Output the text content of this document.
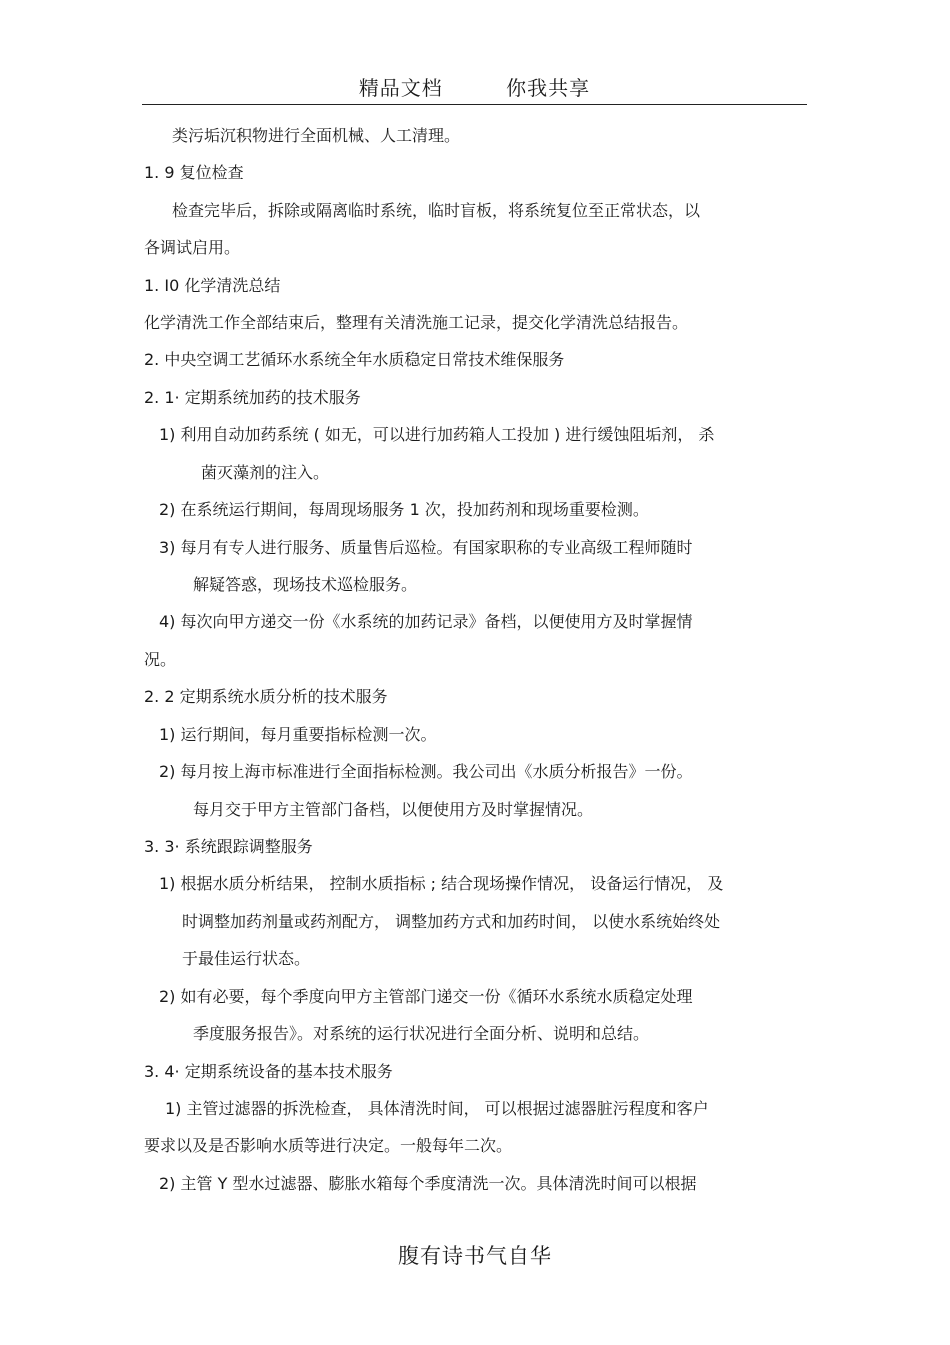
精品文档	你我共享
类污垢沉积物进行全面机械、人工清理。
1. 9 复位检查
检查完毕后，拆除或隔离临时系统，临时盲板，将系统复位至正常状态，以
各调试启用。
1. I0 化学清洗总结
化学清洗工作全部结束后，整理有关清洗施工记录，提交化学清洗总结报告。
2. 中央空调工艺循环水系统全年水质稳定日常技术维保服务
2. 1· 定期系统加药的技术服务
1) 利用自动加药系统 ( 如无，可以进行加药箱人工投加 ) 进行缓蚀阻垢剂， 杀
菌灭藻剂的注入。
2) 在系统运行期间，每周现场服务 1 次，投加药剂和现场重要检测。
3) 每月有专人进行服务、质量售后巡检。有国家职称的专业高级工程师随时
解疑答惑，现场技术巡检服务。
4) 每次向甲方递交一份《水系统的加药记录》备档，以便使用方及时掌握情
况。
2. 2 定期系统水质分析的技术服务
1) 运行期间，每月重要指标检测一次。
2) 每月按上海市标准进行全面指标检测。我公司出《水质分析报告》一份。
每月交于甲方主管部门备档，以便使用方及时掌握情况。
3. 3· 系统跟踪调整服务
1) 根据水质分析结果， 控制水质指标 ; 结合现场操作情况， 设备运行情况， 及
时调整加药剂量或药剂配方， 调整加药方式和加药时间， 以使水系统始终处
于最佳运行状态。
2) 如有必要，每个季度向甲方主管部门递交一份《循环水系统水质稳定处理
季度服务报告》。对系统的运行状况进行全面分析、说明和总结。
3. 4· 定期系统设备的基本技术服务
1) 主管过滤器的拆洗检查， 具体清洗时间， 可以根据过滤器脏污程度和客户
要求以及是否影响水质等进行决定。一般每年二次。
2) 主管 Y 型水过滤器、膨胀水箱每个季度清洗一次。具体清洗时间可以根据
腹有诗书气自华
